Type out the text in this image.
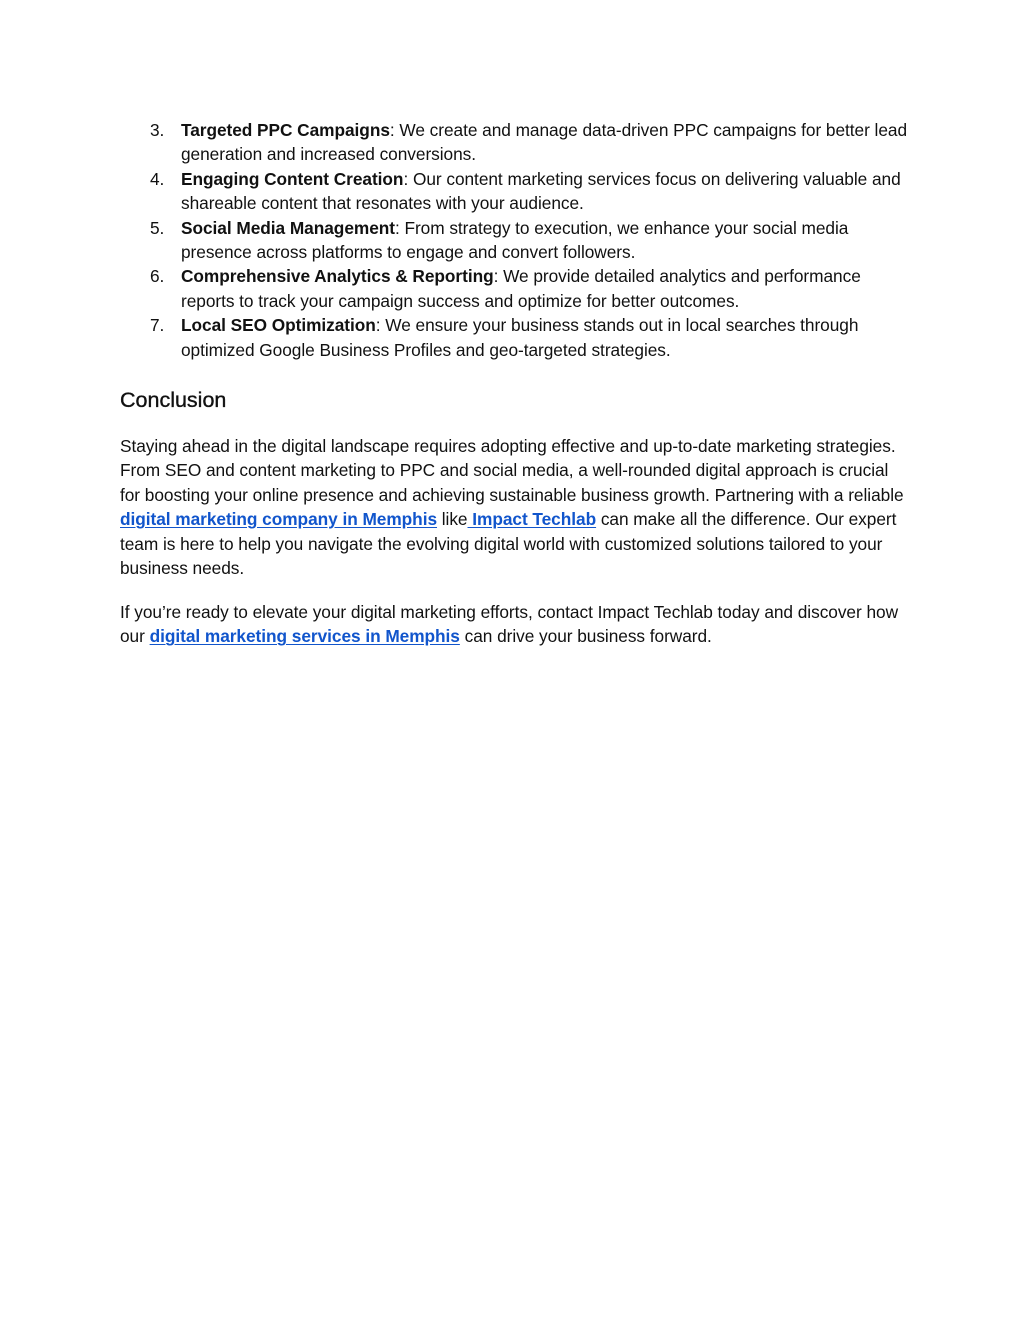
3. Targeted PPC Campaigns: We create and manage data-driven PPC campaigns for better lead generation and increased conversions.
4. Engaging Content Creation: Our content marketing services focus on delivering valuable and shareable content that resonates with your audience.
5. Social Media Management: From strategy to execution, we enhance your social media presence across platforms to engage and convert followers.
6. Comprehensive Analytics & Reporting: We provide detailed analytics and performance reports to track your campaign success and optimize for better outcomes.
7. Local SEO Optimization: We ensure your business stands out in local searches through optimized Google Business Profiles and geo-targeted strategies.
Conclusion

Staying ahead in the digital landscape requires adopting effective and up-to-date marketing strategies. From SEO and content marketing to PPC and social media, a well-rounded digital approach is crucial for boosting your online presence and achieving sustainable business growth. Partnering with a reliable digital marketing company in Memphis like Impact Techlab can make all the difference. Our expert team is here to help you navigate the evolving digital world with customized solutions tailored to your business needs.

If you’re ready to elevate your digital marketing efforts, contact Impact Techlab today and discover how our digital marketing services in Memphis can drive your business forward.
